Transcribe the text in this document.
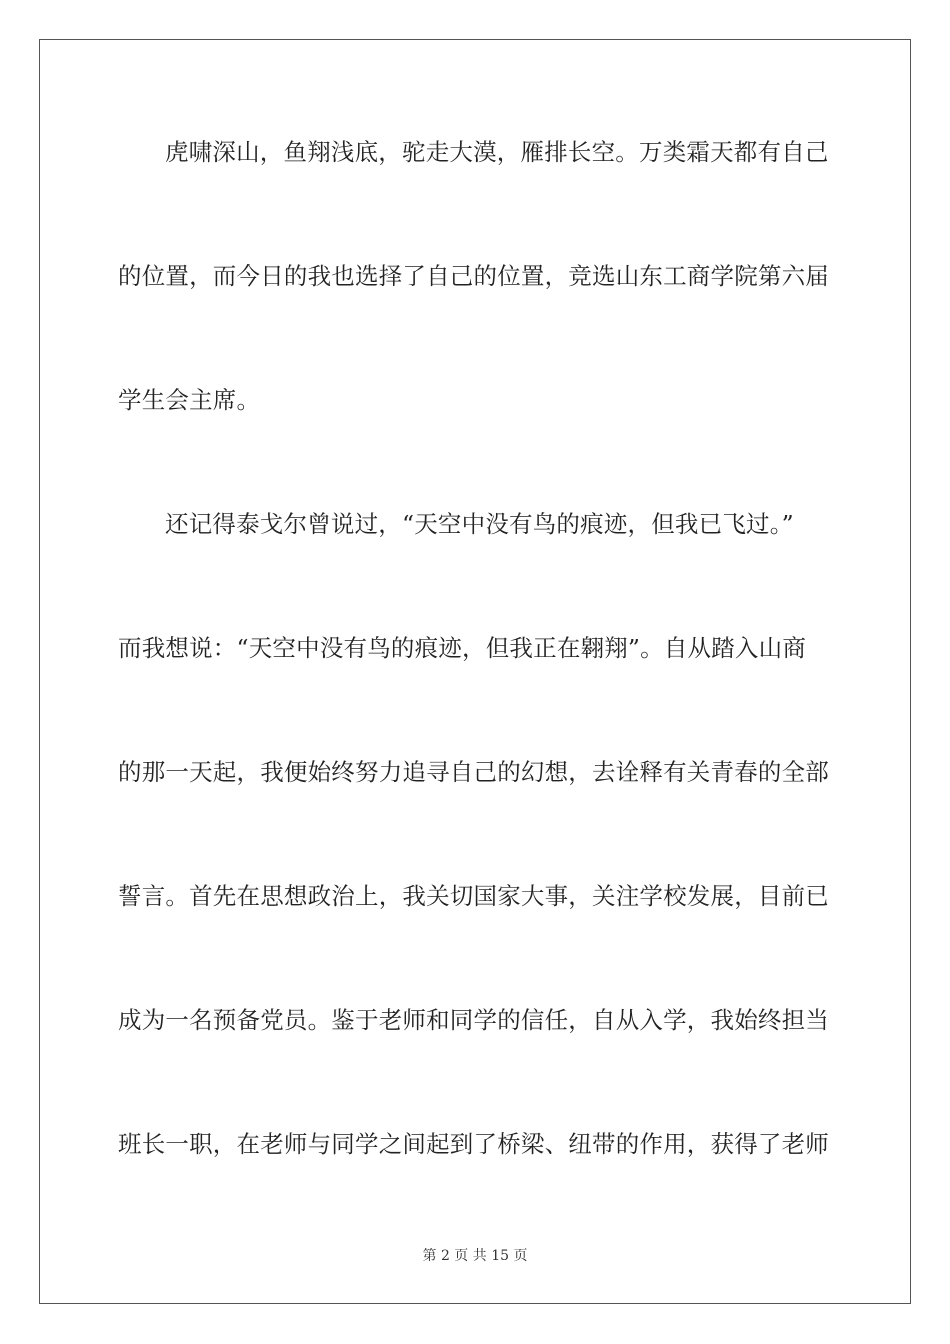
虎啸深山，鱼翔浅底，驼走大漠，雁排长空。万类霜天都有自己
的位置，而今日的我也选择了自己的位置，竞选山东工商学院第六届
学生会主席。
还记得泰戈尔曾说过，“天空中没有鸟的痕迹，但我已飞过。”
而我想说：“天空中没有鸟的痕迹，但我正在翱翔”。自从踏入山商
的那一天起，我便始终努力追寻自己的幻想，去诠释有关青春的全部
誓言。首先在思想政治上，我关切国家大事，关注学校发展，目前已
成为一名预备党员。鉴于老师和同学的信任，自从入学，我始终担当
班长一职，在老师与同学之间起到了桥梁、纽带的作用，获得了老师
第 2 页 共 15 页
